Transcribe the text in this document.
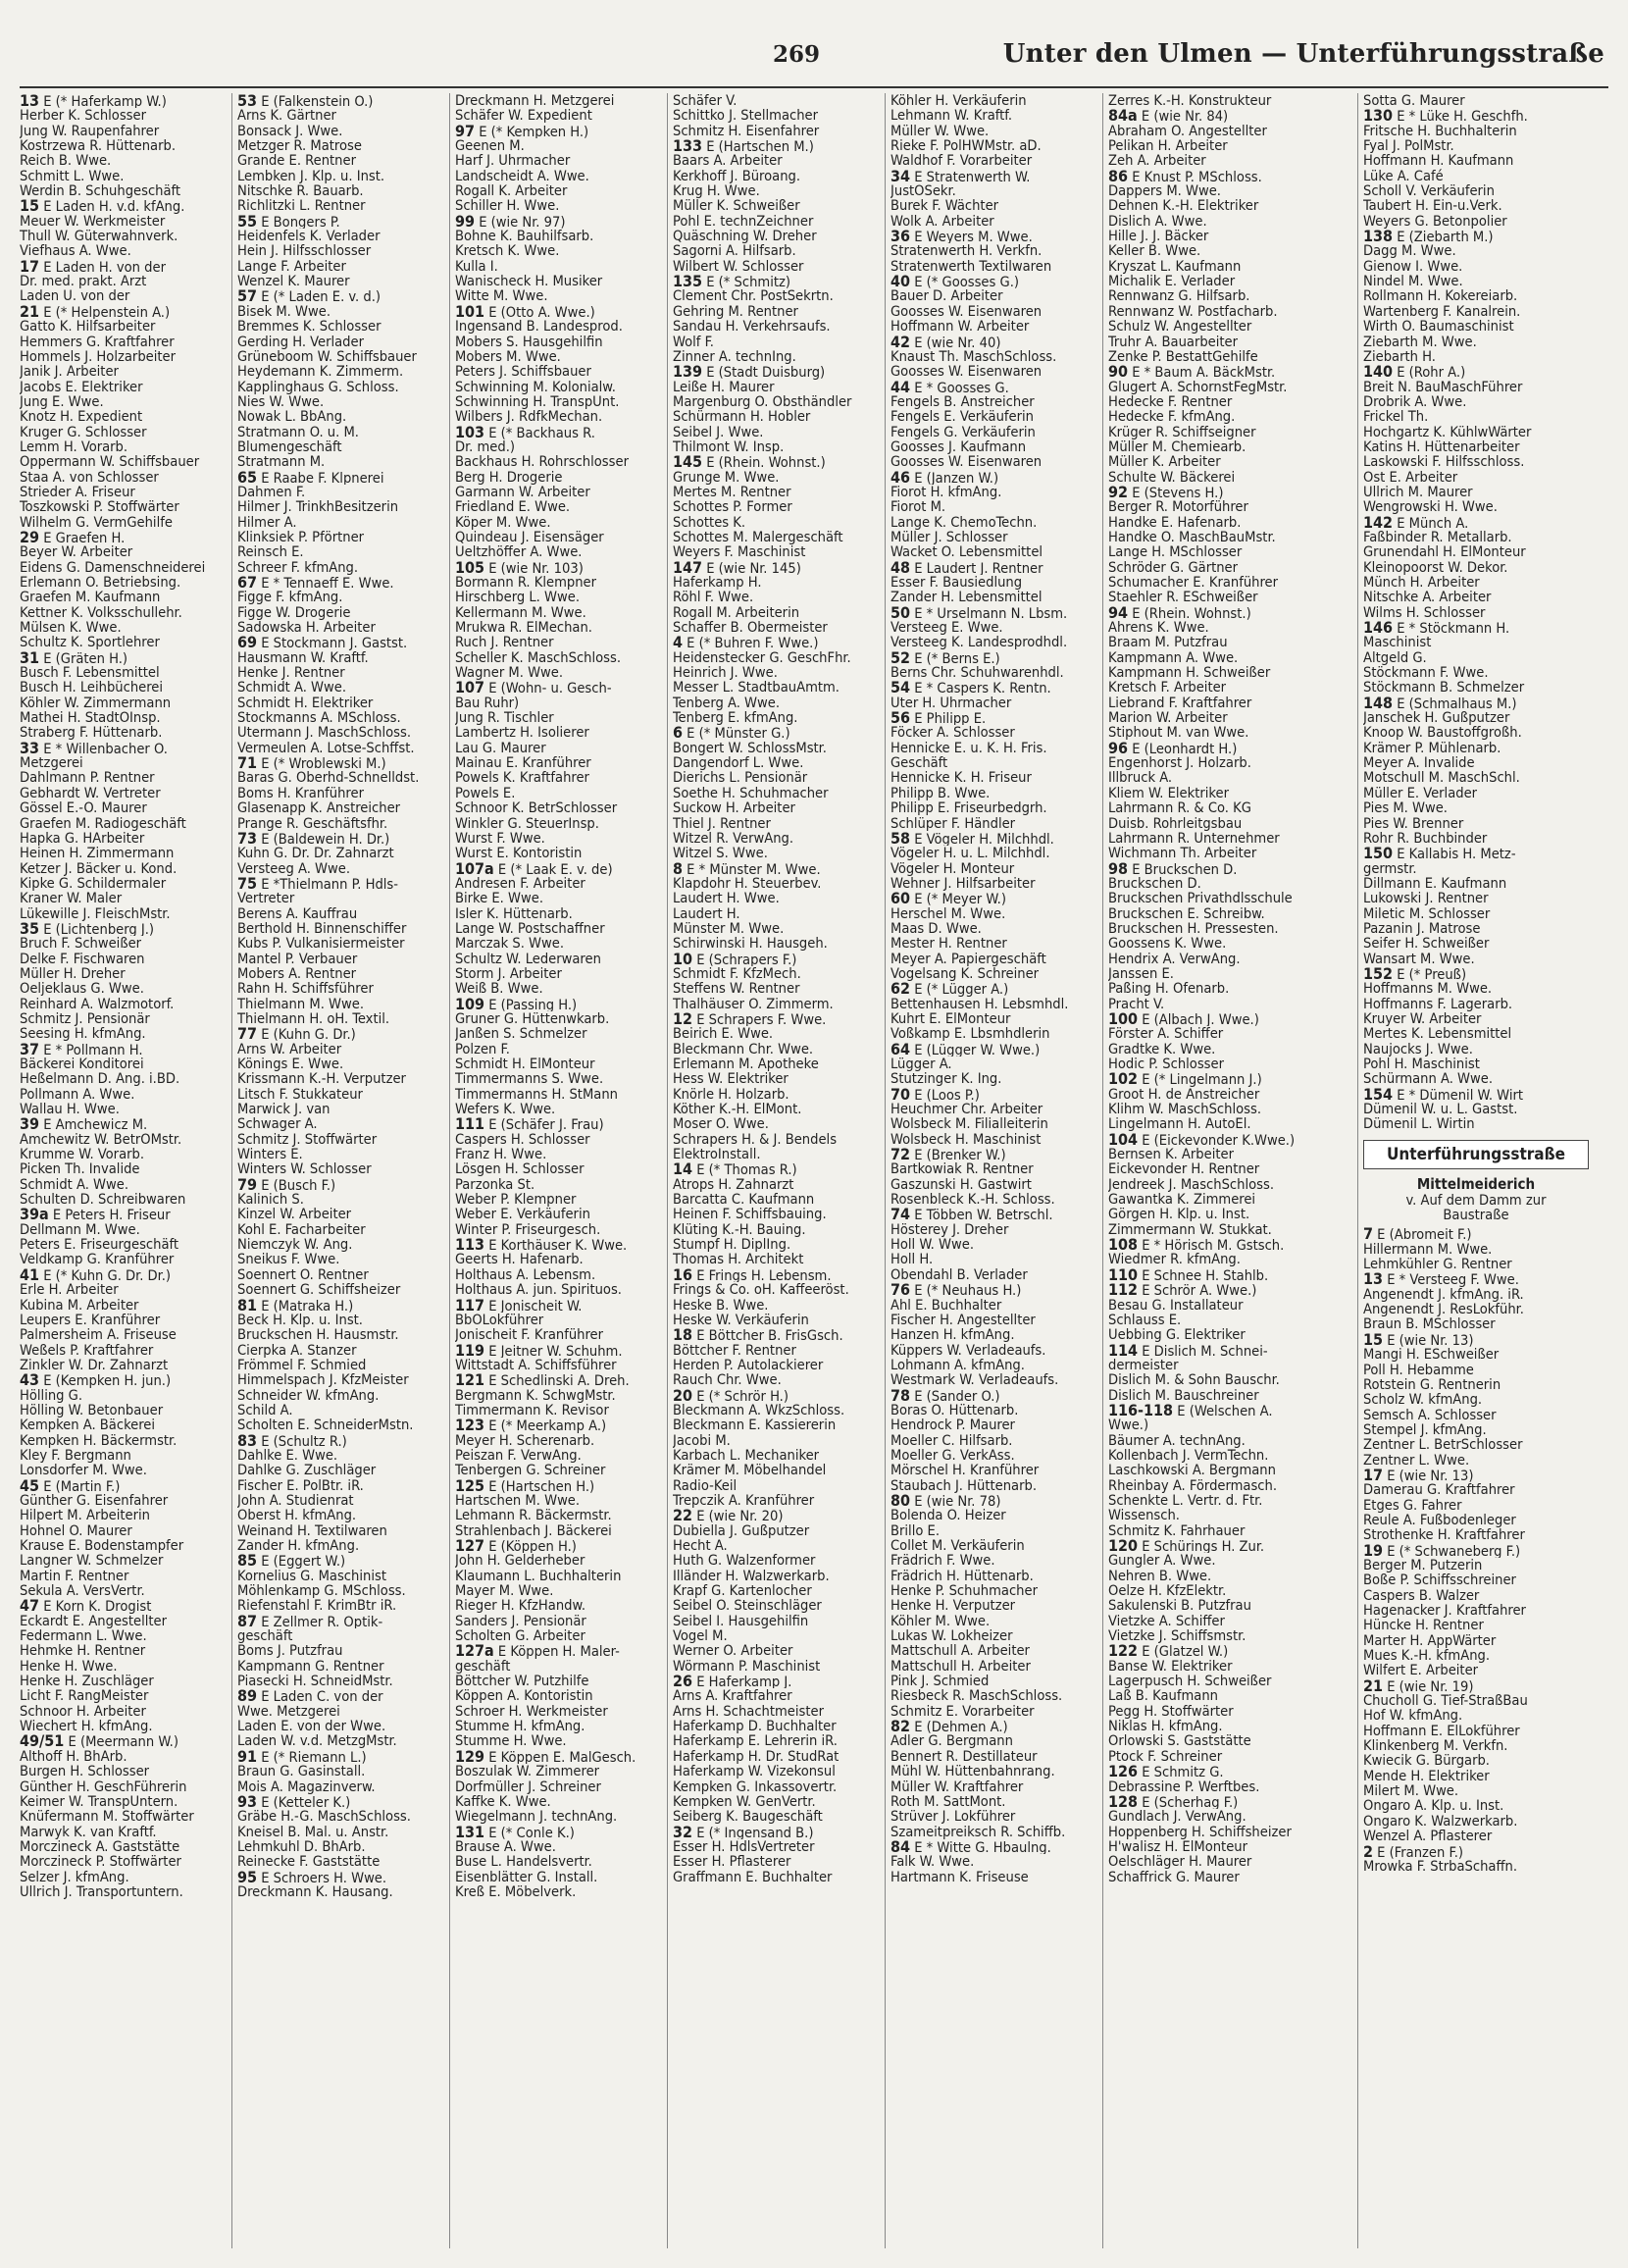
269	Unter den Ulmen — Unterführungsstraße
13 E (* Haferkamp W.)
Herber K. Schlosser
Jung W. Raupenfahrer
Kostrzewa R. Hüttenarb.
Reich B. Wwe.
Schmitt L. Wwe.
Werdin B. Schuhgeschäft
15 E Laden H. v.d. kfAng.
Meuer W. Werkmeister
Thull W. Güterwahnverk.
Viefhaus A. Wwe.
17 E Laden H. von der
Dr. med. prakt. Arzt
Laden U. von der
21 E (* Helpenstein A.)
Gatto K. Hilfsarbeiter
Hemmers G. Kraftfahrer
Hommels J. Holzarbeiter
Janik J. Arbeiter
Jacobs E. Elektriker
Jung E. Wwe.
Knotz H. Expedient
Kruger G. Schlosser
Lemm H. Vorarb.
Oppermann W. Schiffsbauer
Staa A. von Schlosser
Strieder A. Friseur
Toszkowski P. Stoffwärter
Wilhelm G. VermGehilfe
29 E Graefen H.
Beyer W. Arbeiter
Eidens G. Damenschneiderei
Erlemann O. Betriebsing.
Graefen M. Kaufmann
Kettner K. Volksschullehr.
Mülsen K. Wwe.
Schultz K. Sportlehrer
31 E (Gräten H.)
Busch F. Lebensmittel
Busch H. Leihbücherei
Köhler W. Zimmermann
Mathei H. StadtOInsp.
Straberg F. Hüttenarb.
33 E * Willenbacher O.
Metzgerei
Dahlmann P. Rentner
Gebhardt W. Vertreter
Gössel E.-O. Maurer
Graefen M. Radiogeschäft
Hapka G. HArbeiter
Heinen H. Zimmermann
Ketzer J. Bäcker u. Kond.
Kipke G. Schildermaler
Kraner W. Maler
Lükewille J. FleischMstr.
35 E (Lichtenberg J.)
Bruch F. Schweißer
Delke F. Fischwaren
Müller H. Dreher
Oeljeklaus G. Wwe.
Reinhard A. Walzmotorf.
Schmitz J. Pensionär
Seesing H. kfmAng.
37 E * Pollmann H.
Bäckerei Konditorei
Heßelmann D. Ang. i.BD.
Pollmann A. Wwe.
Wallau H. Wwe.
39 E Amchewicz M.
Amchewitz W. BetrOMstr.
Krumme W. Vorarb.
Picken Th. Invalide
Schmidt A. Wwe.
Schulten D. Schreibwaren
39a E Peters H. Friseur
Dellmann M. Wwe.
Peters E. Friseurgeschäft
Veldkamp G. Kranführer
41 E (* Kuhn G. Dr. Dr.)
Erle H. Arbeiter
Kubina M. Arbeiter
Leupers E. Kranführer
Palmersheim A. Friseuse
Weßels P. Kraftfahrer
Zinkler W. Dr. Zahnarzt
43 E (Kempken H. jun.)
Hölling G.
Hölling W. Betonbauer
Kempken A. Bäckerei
Kempken H. Bäckermstr.
Kley F. Bergmann
Lonsdorfer M. Wwe.
45 E (Martin F.)
Günther G. Eisenfahrer
Hilpert M. Arbeiterin
Hohnel O. Maurer
Krause E. Bodenstampfer
Langner W. Schmelzer
Martin F. Rentner
Sekula A. VersVertr.
47 E Korn K. Drogist
Eckardt E. Angestellter
Federmann L. Wwe.
Hehmke H. Rentner
Henke H. Wwe.
Henke H. Zuschläger
Licht F. RangMeister
Schnoor H. Arbeiter
Wiechert H. kfmAng.
49/51 E (Meermann W.)
Althoff H. BhArb.
Burgen H. Schlosser
Günther H. GeschFührerin
Keimer W. TranspUntern.
Knüfermann M. Stoffwärter
Marwyk K. van Kraftf.
Morczineck A. Gaststätte
Morczineck P. Stoffwärter
Selzer J. kfmAng.
Ullrich J. Transportuntern.
53 E (Falkenstein O.)
Arns K. Gärtner
Bonsack J. Wwe.
Metzger R. Matrose
Grande E. Rentner
Lembken J. Klp. u. Inst.
Nitschke R. Bauarb.
Richlitzki L. Rentner
55 E Bongers P.
Heidenfels K. Verlader
Hein J. Hilfsschlosser
Lange F. Arbeiter
Wenzel K. Maurer
57 E (* Laden E. v. d.)
Bisek M. Wwe.
Bremmes K. Schlosser
Gerding H. Verlader
Grüneboom W. Schiffsbauer
Heydemann K. Zimmerm.
Kapplinghaus G. Schloss.
Nies W. Wwe.
Nowak L. BbAng.
Stratmann O. u. M.
Blumengeschäft
Stratmann M.
65 E Raabe F. Klpnerei
Dahmen F.
Hilmer J. TrinkhBesitzerin
Hilmer A.
Klinksiek P. Pförtner
Reinsch E.
Schreer F. kfmAng.
67 E * Tennaeff E. Wwe.
Figge F. kfmAng.
Figge W. Drogerie
Sadowska H. Arbeiter
69 E Stockmann J. Gastst.
Hausmann W. Kraftf.
Henke J. Rentner
Schmidt A. Wwe.
Schmidt H. Elektriker
Stockmanns A. MSchloss.
Utermann J. MaschSchloss.
Vermeulen A. Lotse-Schffst.
71 E (* Wroblewski M.)
Baras G. Oberhd-Schnelldst.
Boms H. Kranführer
Glasenapp K. Anstreicher
Prange R. Geschäftsfhr.
73 E (Baldewein H. Dr.)
Kuhn G. Dr. Dr. Zahnarzt
Versteeg A. Wwe.
75 E *Thielmann P. Hdls-
Vertreter
Berens A. Kauffrau
Berthold H. Binnenschiffer
Kubs P. Vulkanisiermeister
Mantel P. Verbauer
Mobers A. Rentner
Rahn H. Schiffsführer
Thielmann M. Wwe.
Thielmann H. oH. Textil.
77 E (Kuhn G. Dr.)
Arns W. Arbeiter
Könings E. Wwe.
Krissmann K.-H. Verputzer
Litsch F. Stukkateur
Marwick J. van
Schwager A.
Schmitz J. Stoffwärter
Winters E.
Winters W. Schlosser
79 E (Busch F.)
Kalinich S.
Kinzel W. Arbeiter
Kohl E. Facharbeiter
Niemczyk W. Ang.
Sneikus F. Wwe.
Soennert O. Rentner
Soennert G. Schiffsheizer
81 E (Matraka H.)
Beck H. Klp. u. Inst.
Bruckschen H. Hausmstr.
Cierpka A. Stanzer
Frömmel F. Schmied
Himmelspach J. KfzMeister
Schneider W. kfmAng.
Schild A.
Scholten E. SchneiderMstn.
83 E (Schultz R.)
Dahlke E. Wwe.
Dahlke G. Zuschläger
Fischer E. PolBtr. iR.
John A. Studienrat
Oberst H. kfmAng.
Weinand H. Textilwaren
Zander H. kfmAng.
85 E (Eggert W.)
Kornelius G. Maschinist
Möhlenkamp G. MSchloss.
Riefenstahl F. KrimBtr iR.
87 E Zellmer R. Optik-
geschäft
Boms J. Putzfrau
Kampmann G. Rentner
Piasecki H. SchneidMstr.
89 E Laden C. von der
Wwe. Metzgerei
Laden E. von der Wwe.
Laden W. v.d. MetzgMstr.
91 E (* Riemann L.)
Braun G. Gasinstall.
Mois A. Magazinverw.
93 E (Ketteler K.)
Gräbe H.-G. MaschSchloss.
Kneisel B. Mal. u. Anstr.
Lehmkuhl D. BhArb.
Reinecke F. Gaststätte
95 E Schroers H. Wwe.
Dreckmann K. Hausang.
Dreckmann H. Metzgerei
Schäfer W. Expedient
97 E (* Kempken H.)
Geenen M.
Harf J. Uhrmacher
Landscheidt A. Wwe.
Rogall K. Arbeiter
Schiller H. Wwe.
99 E (wie Nr. 97)
Bohne K. Bauhilfsarb.
Kretsch K. Wwe.
Kulla I.
Wanischeck H. Musiker
Witte M. Wwe.
101 E (Otto A. Wwe.)
Ingensand B. Landesprod.
Mobers S. Hausgehilfin
Mobers M. Wwe.
Peters J. Schiffsbauer
Schwinning M. Kolonialw.
Schwinning H. TranspUnt.
Wilbers J. RdfkMechan.
103 E (* Backhaus R.
Dr. med.)
Backhaus H. Rohrschlosser
Berg H. Drogerie
Garmann W. Arbeiter
Friedland E. Wwe.
Köper M. Wwe.
Quindeau J. Eisensäger
Ueltzhöffer A. Wwe.
105 E (wie Nr. 103)
Bormann R. Klempner
Hirschberg L. Wwe.
Kellermann M. Wwe.
Mrukwa R. ElMechan.
Ruch J. Rentner
Scheller K. MaschSchloss.
Wagner M. Wwe.
107 E (Wohn- u. Gesch-
Bau Ruhr)
Jung R. Tischler
Lambertz H. Isolierer
Lau G. Maurer
Mainau E. Kranführer
Powels K. Kraftfahrer
Powels E.
Schnoor K. BetrSchlosser
Winkler G. SteuerInsp.
Wurst F. Wwe.
Wurst E. Kontoristin
107a E (* Laak E. v. de)
Andresen F. Arbeiter
Birke E. Wwe.
Isler K. Hüttenarb.
Lange W. Postschaffner
Marczak S. Wwe.
Schultz W. Lederwaren
Storm J. Arbeiter
Weiß B. Wwe.
109 E (Passing H.)
Gruner G. Hüttenwkarb.
Janßen S. Schmelzer
Polzen F.
Schmidt H. ElMonteur
Timmermanns S. Wwe.
Timmermanns H. StMann
Wefers K. Wwe.
111 E (Schäfer J. Frau)
Caspers H. Schlosser
Franz H. Wwe.
Lösgen H. Schlosser
Parzonka St.
Weber P. Klempner
Weber E. Verkäuferin
Winter P. Friseurgesch.
113 E Korthäuser K. Wwe.
Geerts H. Hafenarb.
Holthaus A. Lebensm.
Holthaus A. jun. Spirituos.
117 E Jonischeit W.
BbOLokführer
Jonischeit F. Kranführer
119 E Jeitner W. Schuhm.
Wittstadt A. Schiffsführer
121 E Schedlinski A. Dreh.
Bergmann K. SchwgMstr.
Timmermann K. Revisor
123 E (* Meerkamp A.)
Meyer H. Scherenarb.
Peiszan F. VerwAng.
Tenbergen G. Schreiner
125 E (Hartschen H.)
Hartschen M. Wwe.
Lehmann R. Bäckermstr.
Strahlenbach J. Bäckerei
127 E (Köppen H.)
John H. Gelderheber
Klaumann L. Buchhalterin
Mayer M. Wwe.
Rieger H. KfzHandw.
Sanders J. Pensionär
Scholten G. Arbeiter
127a E Köppen H. Maler-
geschäft
Böttcher W. Putzhilfe
Köppen A. Kontoristin
Schroer H. Werkmeister
Stumme H. kfmAng.
Stumme H. Wwe.
129 E Köppen E. MalGesch.
Boszulak W. Zimmerer
Dorfmüller J. Schreiner
Kaffke K. Wwe.
Wiegelmann J. technAng.
131 E (* Conle K.)
Brause A. Wwe.
Buse L. Handelsvertr.
Eisenblätter G. Install.
Kreß E. Möbelverk.
Schäfer V.
Schittko J. Stellmacher
Schmitz H. Eisenfahrer
133 E (Hartschen M.)
Baars A. Arbeiter
Kerkhoff J. Büroang.
Krug H. Wwe.
Müller K. Schweißer
Pohl E. technZeichner
Quäschning W. Dreher
Sagorni A. Hilfsarb.
Wilbert W. Schlosser
135 E (* Schmitz)
Clement Chr. PostSekrtn.
Gehring M. Rentner
Sandau H. Verkehrsaufs.
Wolf F.
Zinner A. technIng.
139 E (Stadt Duisburg)
Leiße H. Maurer
Margenburg O. Obsthändler
Schürmann H. Hobler
Seibel J. Wwe.
Thilmont W. Insp.
145 E (Rhein. Wohnst.)
Grunge M. Wwe.
Mertes M. Rentner
Schottes P. Former
Schottes K.
Schottes M. Malergeschäft
Weyers F. Maschinist
147 E (wie Nr. 145)
Haferkamp H.
Röhl F. Wwe.
Rogall M. Arbeiterin
Schaffer B. Obermeister
4 E (* Buhren F. Wwe.)
Heidenstecker G. GeschFhr.
Heinrich J. Wwe.
Messer L. StadtbauAmtm.
Tenberg A. Wwe.
Tenberg E. kfmAng.
6 E (* Münster G.)
Bongert W. SchlossMstr.
Dangendorf L. Wwe.
Dierichs L. Pensionär
Soethe H. Schuhmacher
Suckow H. Arbeiter
Thiel J. Rentner
Witzel R. VerwAng.
Witzel S. Wwe.
8 E * Münster M. Wwe.
Klapdohr H. Steuerbev.
Laudert H. Wwe.
Laudert H.
Münster M. Wwe.
Schirwinski H. Hausgeh.
10 E (Schrapers F.)
Schmidt F. KfzMech.
Steffens W. Rentner
Thalhäuser O. Zimmerm.
12 E Schrapers F. Wwe.
Beirich E. Wwe.
Bleckmann Chr. Wwe.
Erlemann M. Apotheke
Hess W. Elektriker
Knörle H. Holzarb.
Köther K.-H. ElMont.
Moser O. Wwe.
Schrapers H. & J. Bendels
ElektroInstall.
14 E (* Thomas R.)
Atrops H. Zahnarzt
Barcatta C. Kaufmann
Heinen F. Schiffsbauing.
Klüting K.-H. Bauing.
Stumpf H. DiplIng.
Thomas H. Architekt
16 E Frings H. Lebensm.
Frings & Co. oH. Kaffeeröst.
Heske B. Wwe.
Heske W. Verkäuferin
18 E Böttcher B. FrisGsch.
Böttcher F. Rentner
Herden P. Autolackierer
Rauch Chr. Wwe.
20 E (* Schrör H.)
Bleckmann A. WkzSchloss.
Bleckmann E. Kassiererin
Jacobi M.
Karbach L. Mechaniker
Krämer M. Möbelhandel
Radio-Keil
Trepczik A. Kranführer
22 E (wie Nr. 20)
Dubiella J. Gußputzer
Hecht A.
Huth G. Walzenformer
Illänder H. Walzwerkarb.
Krapf G. Kartenlocher
Seibel O. Steinschläger
Seibel I. Hausgehilfin
Vogel M.
Werner O. Arbeiter
Wörmann P. Maschinist
26 E Haferkamp J.
Arns A. Kraftfahrer
Arns H. Schachtmeister
Haferkamp D. Buchhalter
Haferkamp E. Lehrerin iR.
Haferkamp H. Dr. StudRat
Haferkamp W. Vizekonsul
Kempken G. Inkassovertr.
Kempken W. GenVertr.
Seiberg K. Baugeschäft
32 E (* Ingensand B.)
Esser H. HdlsVertreter
Esser H. Pflasterer
Graffmann E. Buchhalter
Köhler H. Verkäuferin
Lehmann W. Kraftf.
Müller W. Wwe.
Rieke F. PolHWMstr. aD.
Waldhof F. Vorarbeiter
34 E Stratenwerth W.
JustOSekr.
Burek F. Wächter
Wolk A. Arbeiter
36 E Weyers M. Wwe.
Stratenwerth H. Verkfn.
Stratenwerth Textilwaren
40 E (* Goosses G.)
Bauer D. Arbeiter
Goosses W. Eisenwaren
Hoffmann W. Arbeiter
42 E (wie Nr. 40)
Knaust Th. MaschSchloss.
Goosses W. Eisenwaren
44 E * Goosses G.
Fengels B. Anstreicher
Fengels E. Verkäuferin
Fengels G. Verkäuferin
Goosses J. Kaufmann
Goosses W. Eisenwaren
46 E (Janzen W.)
Fiorot H. kfmAng.
Fiorot M.
Lange K. ChemoTechn.
Müller J. Schlosser
Wacket O. Lebensmittel
48 E Laudert J. Rentner
Esser F. Bausiedlung
Zander H. Lebensmittel
50 E * Urselmann N. Lbsm.
Versteeg E. Wwe.
Versteeg K. Landesprodhdl.
52 E (* Berns E.)
Berns Chr. Schuhwarenhdl.
54 E * Caspers K. Rentn.
Uter H. Uhrmacher
56 E Philipp E.
Föcker A. Schlosser
Hennicke E. u. K. H. Fris.
Geschäft
Hennicke K. H. Friseur
Philipp B. Wwe.
Philipp E. Friseurbedgrh.
Schlüper F. Händler
58 E Vögeler H. Milchhdl.
Vögeler H. u. L. Milchhdl.
Vögeler H. Monteur
Wehner J. Hilfsarbeiter
60 E (* Meyer W.)
Herschel M. Wwe.
Maas D. Wwe.
Mester H. Rentner
Meyer A. Papiergeschäft
Vogelsang K. Schreiner
62 E (* Lügger A.)
Bettenhausen H. Lebsmhdl.
Kuhrt E. ElMonteur
Voßkamp E. Lbsmhdlerin
64 E (Lügger W. Wwe.)
Lügger A.
Stutzinger K. Ing.
70 E (Loos P.)
Heuchmer Chr. Arbeiter
Wolsbeck M. Filialleiterin
Wolsbeck H. Maschinist
72 E (Brenker W.)
Bartkowiak R. Rentner
Gaszunski H. Gastwirt
Rosenbleck K.-H. Schloss.
74 E Többen W. Betrschl.
Hösterey J. Dreher
Holl W. Wwe.
Holl H.
Obendahl B. Verlader
76 E (* Neuhaus H.)
Ahl E. Buchhalter
Fischer H. Angestellter
Hanzen H. kfmAng.
Küppers W. Verladeaufs.
Lohmann A. kfmAng.
Westmark W. Verladeaufs.
78 E (Sander O.)
Boras O. Hüttenarb.
Hendrock P. Maurer
Moeller C. Hilfsarb.
Moeller G. VerkAss.
Mörschel H. Kranführer
Staubach J. Hüttenarb.
80 E (wie Nr. 78)
Bolenda O. Heizer
Brillo E.
Collet M. Verkäuferin
Frädrich F. Wwe.
Frädrich H. Hüttenarb.
Henke P. Schuhmacher
Henke H. Verputzer
Köhler M. Wwe.
Lukas W. Lokheizer
Mattschull A. Arbeiter
Mattschull H. Arbeiter
Pink J. Schmied
Riesbeck R. MaschSchloss.
Schmitz E. Vorarbeiter
82 E (Dehmen A.)
Adler G. Bergmann
Bennert R. Destillateur
Mühl W. Hüttenbahnrang.
Müller W. Kraftfahrer
Roth M. SattMont.
Strüver J. Lokführer
Szameitpreiksch R. Schiffb.
84 E * Witte G. Hbaulng.
Falk W. Wwe.
Hartmann K. Friseuse
Zerres K.-H. Konstrukteur
84a E (wie Nr. 84)
Abraham O. Angestellter
Pelikan H. Arbeiter
Zeh A. Arbeiter
86 E Knust P. MSchloss.
Dappers M. Wwe.
Dehnen K.-H. Elektriker
Dislich A. Wwe.
Hille J. J. Bäcker
Keller B. Wwe.
Kryszat L. Kaufmann
Michalik E. Verlader
Rennwanz G. Hilfsarb.
Rennwanz W. Postfacharb.
Schulz W. Angestellter
Truhr A. Bauarbeiter
Zenke P. BestattGehilfe
90 E * Baum A. BäckMstr.
Glugert A. SchornstFegMstr.
Hedecke F. Rentner
Hedecke F. kfmAng.
Krüger R. Schiffseigner
Müller M. Chemiearb.
Müller K. Arbeiter
Schulte W. Bäckerei
92 E (Stevens H.)
Berger R. Motorführer
Handke E. Hafenarb.
Handke O. MaschBauMstr.
Lange H. MSchlosser
Schröder G. Gärtner
Schumacher E. Kranführer
Staehler R. ESchweißer
94 E (Rhein. Wohnst.)
Ahrens K. Wwe.
Braam M. Putzfrau
Kampmann A. Wwe.
Kampmann H. Schweißer
Kretsch F. Arbeiter
Liebrand F. Kraftfahrer
Marion W. Arbeiter
Stiphout M. van Wwe.
96 E (Leonhardt H.)
Engenhorst J. Holzarb.
Illbruck A.
Kliem W. Elektriker
Lahrmann R. & Co. KG
Duisb. Rohrleitgsbau
Lahrmann R. Unternehmer
Wichmann Th. Arbeiter
98 E Bruckschen D.
Bruckschen D.
Bruckschen Privathdlsschule
Bruckschen E. Schreibw.
Bruckschen H. Pressesten.
Goossens K. Wwe.
Hendrix A. VerwAng.
Janssen E.
Paßing H. Ofenarb.
Pracht V.
100 E (Albach J. Wwe.)
Förster A. Schiffer
Gradtke K. Wwe.
Hodic P. Schlosser
102 E (* Lingelmann J.)
Groot H. de Anstreicher
Klihm W. MaschSchloss.
Lingelmann H. AutoEl.
104 E (Eickevonder K.Wwe.)
Bernsen K. Arbeiter
Eickevonder H. Rentner
Jendreek J. MaschSchloss.
Gawantka K. Zimmerei
Görgen H. Klp. u. Inst.
Zimmermann W. Stukkat.
108 E * Hörisch M. Gstsch.
Wiedmer R. kfmAng.
110 E Schnee H. Stahlb.
112 E Schrör A. Wwe.)
Besau G. Installateur
Schlauss E.
Uebbing G. Elektriker
114 E Dislich M. Schnei-
dermeister
Dislich M. & Sohn Bauschr.
Dislich M. Bauschreiner
116-118 E (Welschen A.
Wwe.)
Bäumer A. technAng.
Kollenbach J. VermTechn.
Laschkowski A. Bergmann
Rheinbay A. Fördermasch.
Schenkte L. Vertr. d. Ftr.
Wissensch.
Schmitz K. Fahrhauer
120 E Schürings H. Zur.
Gungler A. Wwe.
Nehren B. Wwe.
Oelze H. KfzElektr.
Sakulenski B. Putzfrau
Vietzke A. Schiffer
Vietzke J. Schiffsmstr.
122 E (Glatzel W.)
Banse W. Elektriker
Lagerpusch H. Schweißer
Laß B. Kaufmann
Pegg H. Stoffwärter
Niklas H. kfmAng.
Orlowski S. Gaststätte
Ptock F. Schreiner
126 E Schmitz G.
Debrassine P. Werftbes.
128 E (Scherhag F.)
Gundlach J. VerwAng.
Hoppenberg H. Schiffsheizer
H'walisz H. ElMonteur
Oelschläger H. Maurer
Schaffrick G. Maurer
Sotta G. Maurer
130 E * Lüke H. Geschfh.
Fritsche H. Buchhalterin
Fyal J. PolMstr.
Hoffmann H. Kaufmann
Lüke A. Café
Scholl V. Verkäuferin
Taubert H. Ein-u.Verk.
Weyers G. Betonpolier
138 E (Ziebarth M.)
Dagg M. Wwe.
Gienow I. Wwe.
Nindel M. Wwe.
Rollmann H. Kokereiarb.
Wartenberg F. Kanalrein.
Wirth O. Baumaschinist
Ziebarth M. Wwe.
Ziebarth H.
140 E (Rohr A.)
Breit N. BauMaschFührer
Drobrik A. Wwe.
Frickel Th.
Hochgartz K. KühlwWärter
Katins H. Hüttenarbeiter
Laskowski F. Hilfsschloss.
Ost E. Arbeiter
Ullrich M. Maurer
Wengrowski H. Wwe.
142 E Münch A.
Faßbinder R. Metallarb.
Grunendahl H. ElMonteur
Kleinopoorst W. Dekor.
Münch H. Arbeiter
Nitschke A. Arbeiter
Wilms H. Schlosser
146 E * Stöckmann H.
Maschinist
Altgeld G.
Stöckmann F. Wwe.
Stöckmann B. Schmelzer
148 E (Schmalhaus M.)
Janschek H. Gußputzer
Knoop W. Baustoffgroßh.
Krämer P. Mühlenarb.
Meyer A. Invalide
Motschull M. MaschSchl.
Müller E. Verlader
Pies M. Wwe.
Pies W. Brenner
Rohr R. Buchbinder
150 E Kallabis H. Metz-
germstr.
Dillmann E. Kaufmann
Lukowski J. Rentner
Miletic M. Schlosser
Pazanin J. Matrose
Seifer H. Schweißer
Wansart M. Wwe.
152 E (* Preuß)
Hoffmanns M. Wwe.
Hoffmanns F. Lagerarb.
Kruyer W. Arbeiter
Mertes K. Lebensmittel
Naujocks J. Wwe.
Pohl H. Maschinist
Schürmann A. Wwe.
154 E * Dümenil W. Wirt
Dümenil W. u. L. Gastst.
Dümenil L. Wirtin
Unterführungsstraße
Mittelmeiderich
v. Auf dem Damm zur
Baustraße
7 E (Abromeit F.)
Hillermann M. Wwe.
Lehmkühler G. Rentner
13 E * Versteeg F. Wwe.
Angenendt J. kfmAng. iR.
Angenendt J. ResLokführ.
Braun B. MSchlosser
15 E (wie Nr. 13)
Mangi H. ESchweißer
Poll H. Hebamme
Rotstein G. Rentnerin
Scholz W. kfmAng.
Semsch A. Schlosser
Stempel J. kfmAng.
Zentner L. BetrSchlosser
Zentner L. Wwe.
17 E (wie Nr. 13)
Damerau G. Kraftfahrer
Etges G. Fahrer
Reule A. Fußbodenleger
Strothenke H. Kraftfahrer
19 E (* Schwaneberg F.)
Berger M. Putzerin
Boße P. Schiffsschreiner
Caspers B. Walzer
Hagenacker J. Kraftfahrer
Hüncke H. Rentner
Marter H. AppWärter
Mues K.-H. kfmAng.
Wilfert E. Arbeiter
21 E (wie Nr. 19)
Chucholl G. Tief-StraßBau
Hof W. kfmAng.
Hoffmann E. ElLokführer
Klinkenberg M. Verkfn.
Kwiecik G. Bürgarb.
Mende H. Elektriker
Milert M. Wwe.
Ongaro A. Klp. u. Inst.
Ongaro K. Walzwerkarb.
Wenzel A. Pflasterer
2 E (Franzen F.)
Mrowka F. StrbaSchaffn.
